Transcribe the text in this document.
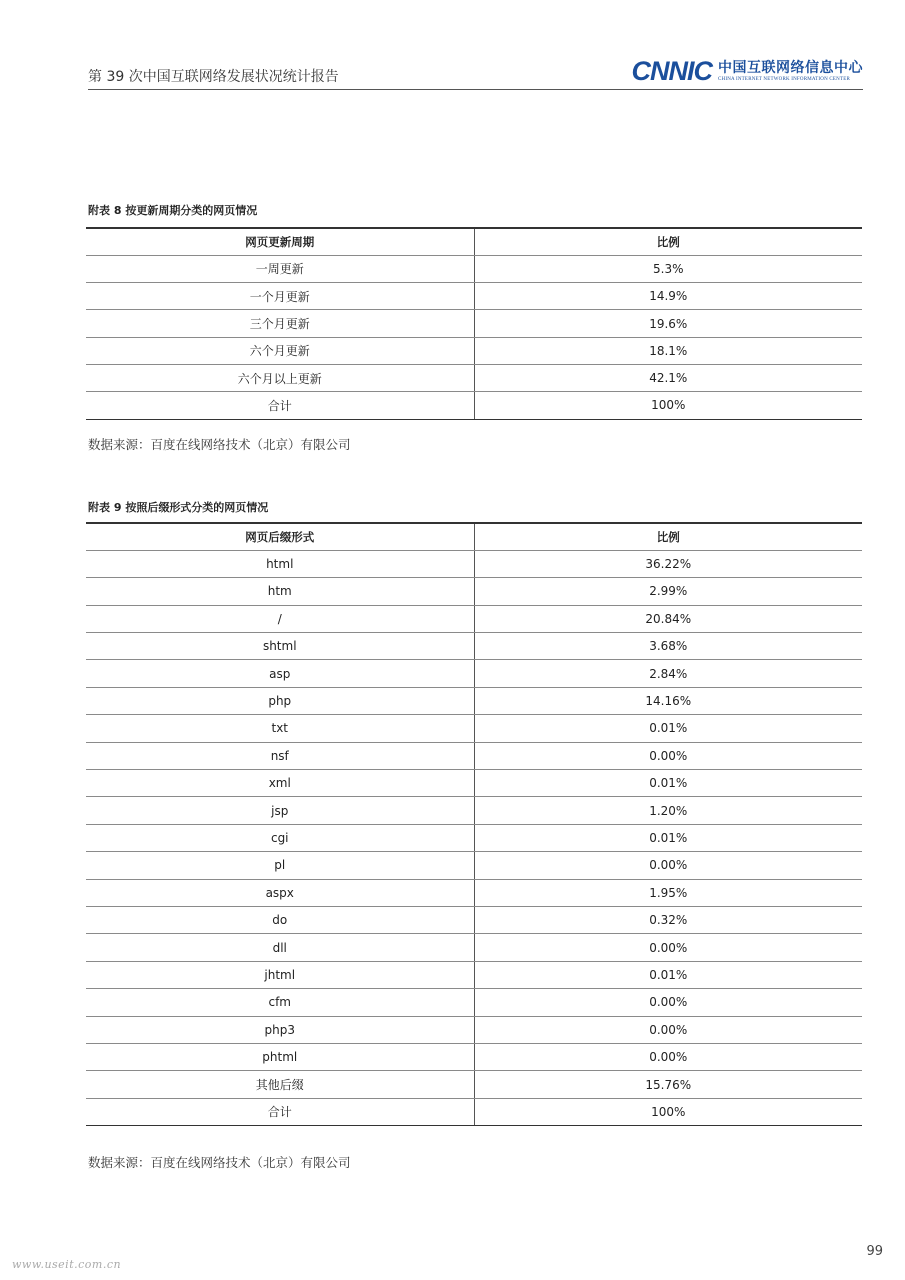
第 39 次中国互联网络发展状况统计报告	CNNIC 中国互联网络信息中心
CHINA INTERNET NETWORK INFORMATION CENTER
附表 8 按更新周期分类的网页情况
网页更新周期	比例
一周更新	5.3%
一个月更新	14.9%
三个月更新	19.6%
六个月更新	18.1%
六个月以上更新	42.1%
合计	100%
数据来源：百度在线网络技术（北京）有限公司
附表 9 按照后缀形式分类的网页情况
网页后缀形式	比例
html	36.22%
htm	2.99%
/	20.84%
shtml	3.68%
asp	2.84%
php	14.16%
txt	0.01%
nsf	0.00%
xml	0.01%
jsp	1.20%
cgi	0.01%
pl	0.00%
aspx	1.95%
do	0.32%
dll	0.00%
jhtml	0.01%
cfm	0.00%
php3	0.00%
phtml	0.00%
其他后缀	15.76%
合计	100%
数据来源：百度在线网络技术（北京）有限公司
99
www.useit.com.cn
